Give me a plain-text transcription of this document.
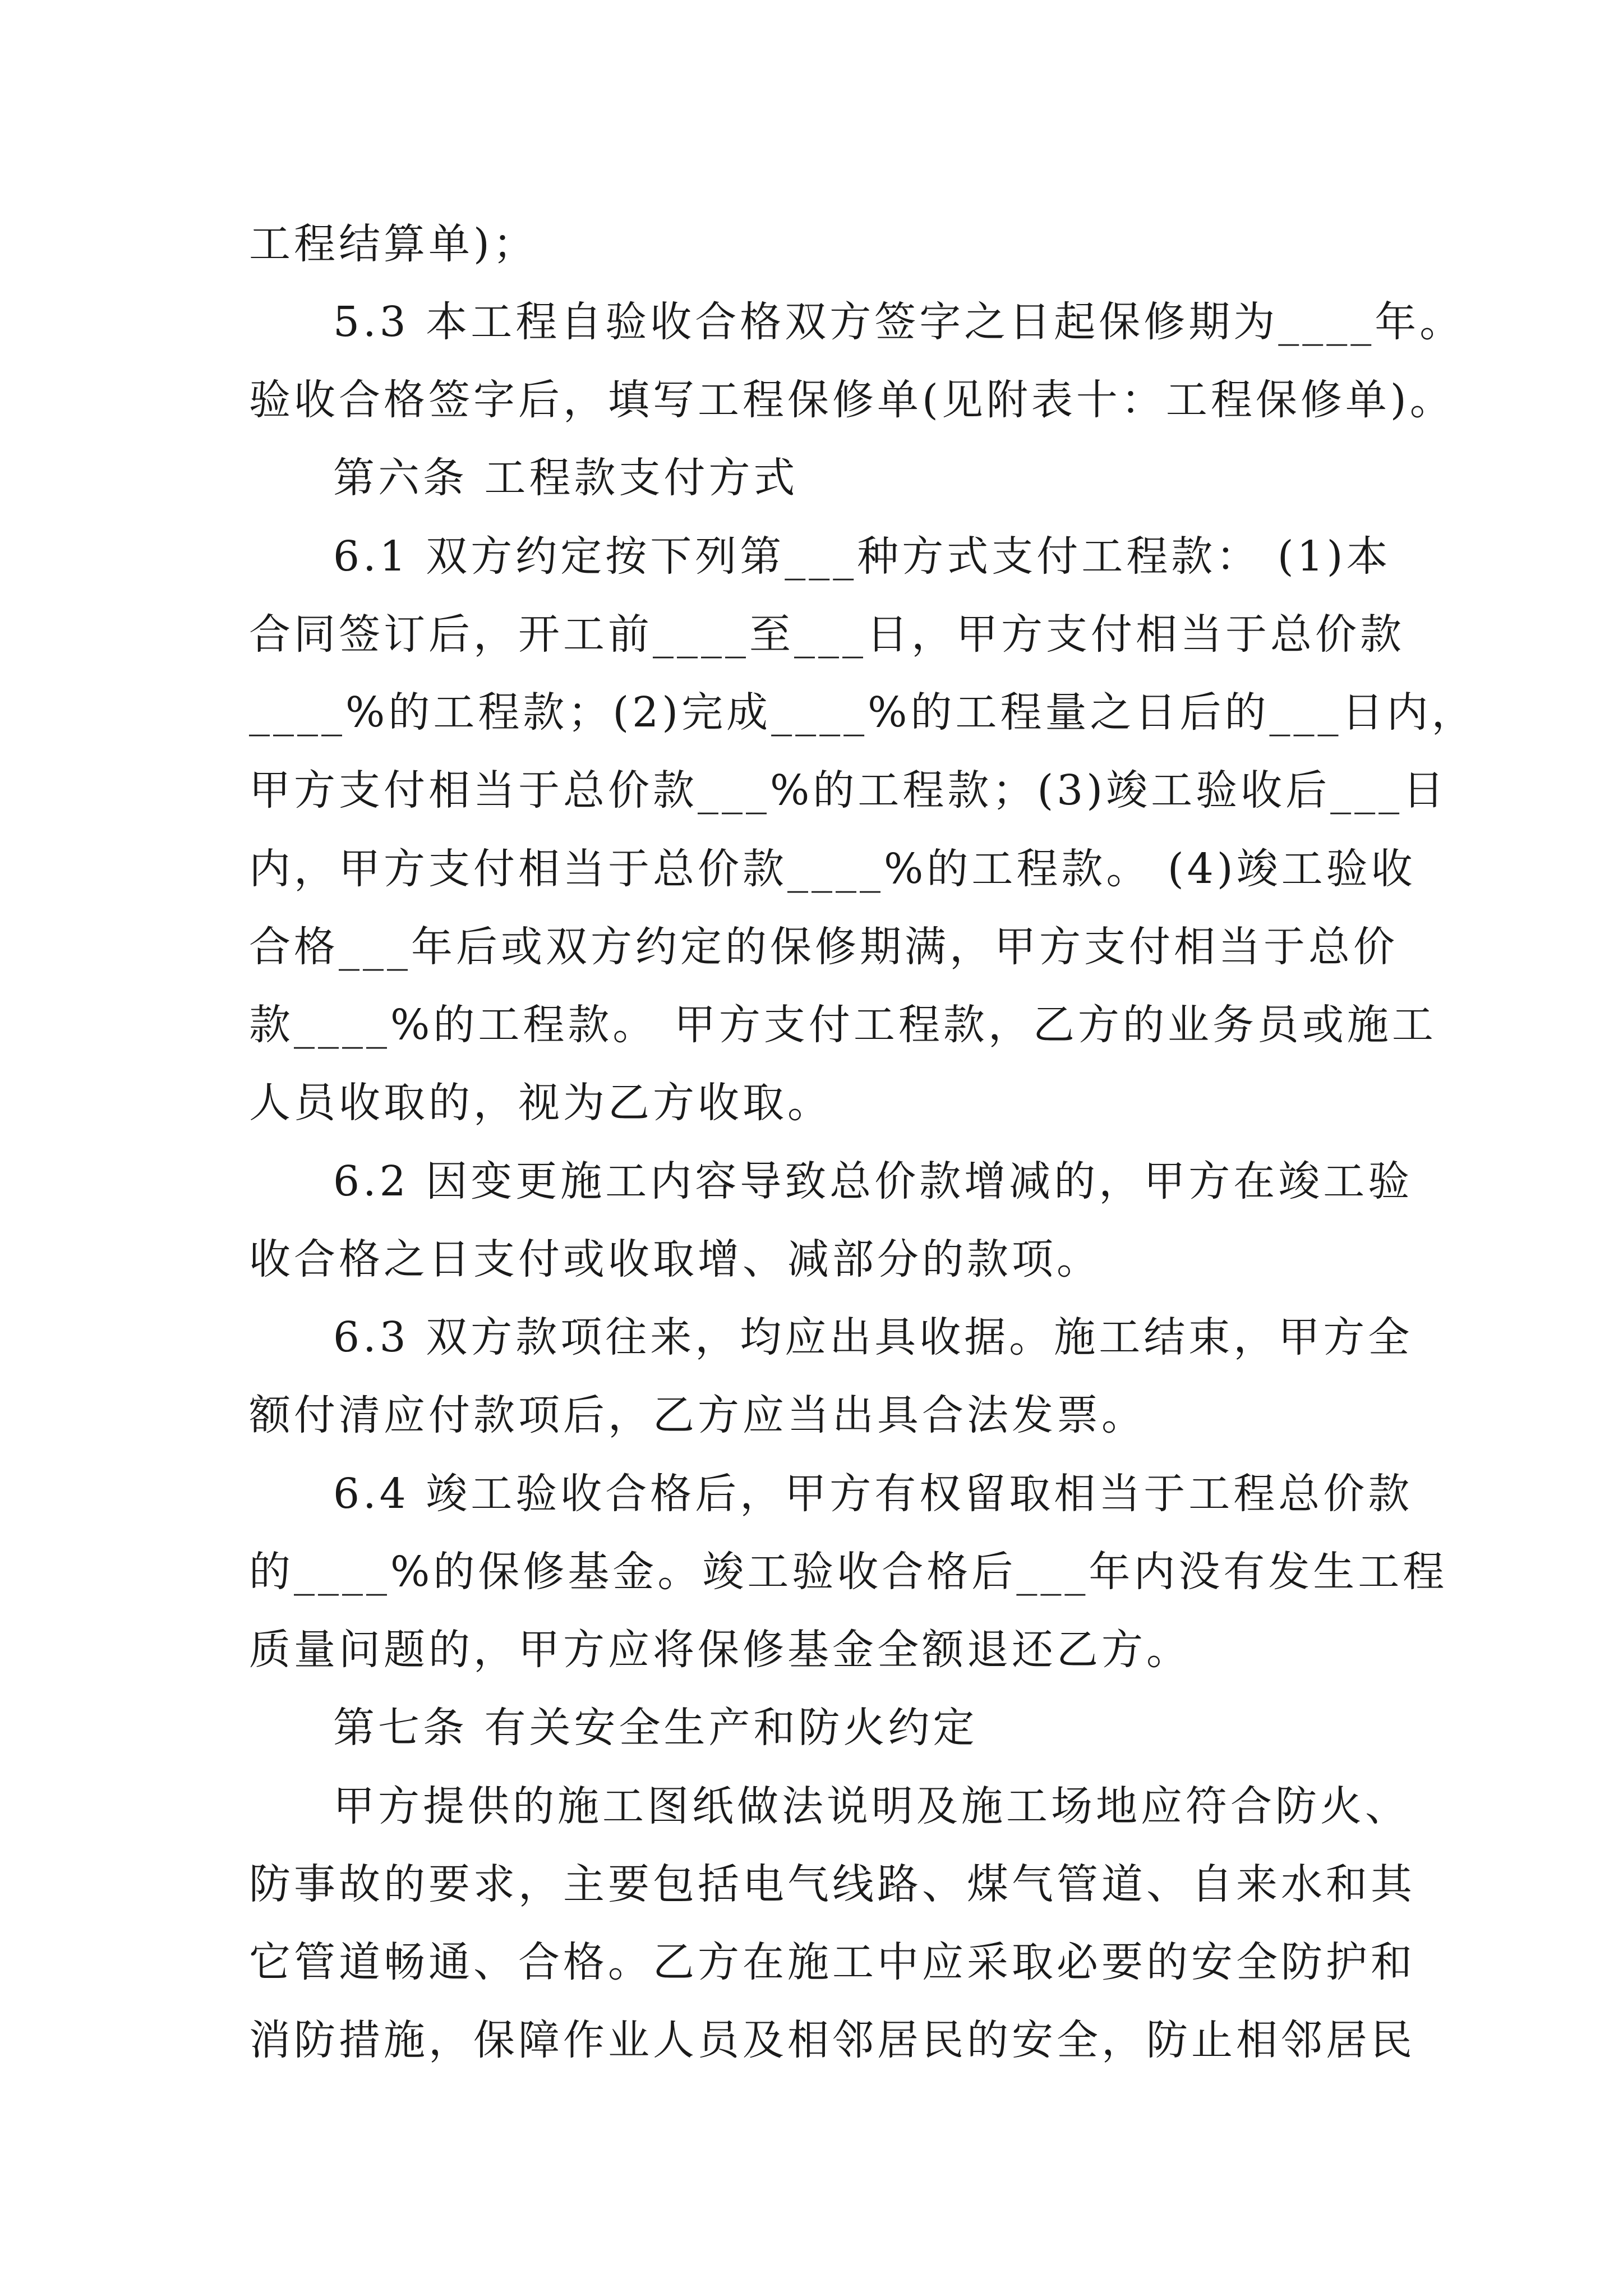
工程结算单)；
5.3 本工程自验收合格双方签字之日起保修期为____年。
验收合格签字后，填写工程保修单(见附表十：工程保修单)。
第六条 工程款支付方式
6.1 双方约定按下列第___种方式支付工程款： (1)本
合同签订后，开工前____至___日，甲方支付相当于总价款
____%的工程款；(2)完成____%的工程量之日后的___日内，
甲方支付相当于总价款___%的工程款；(3)竣工验收后___日
内，甲方支付相当于总价款____%的工程款。 (4)竣工验收
合格___年后或双方约定的保修期满，甲方支付相当于总价
款____%的工程款。 甲方支付工程款，乙方的业务员或施工
人员收取的，视为乙方收取。
6.2 因变更施工内容导致总价款增减的，甲方在竣工验
收合格之日支付或收取增、减部分的款项。
6.3 双方款项往来，均应出具收据。施工结束，甲方全
额付清应付款项后，乙方应当出具合法发票。
6.4 竣工验收合格后，甲方有权留取相当于工程总价款
的____%的保修基金。竣工验收合格后___年内没有发生工程
质量问题的，甲方应将保修基金全额退还乙方。
第七条 有关安全生产和防火约定
甲方提供的施工图纸做法说明及施工场地应符合防火、
防事故的要求，主要包括电气线路、煤气管道、自来水和其
它管道畅通、合格。乙方在施工中应采取必要的安全防护和
消防措施，保障作业人员及相邻居民的安全，防止相邻居民
